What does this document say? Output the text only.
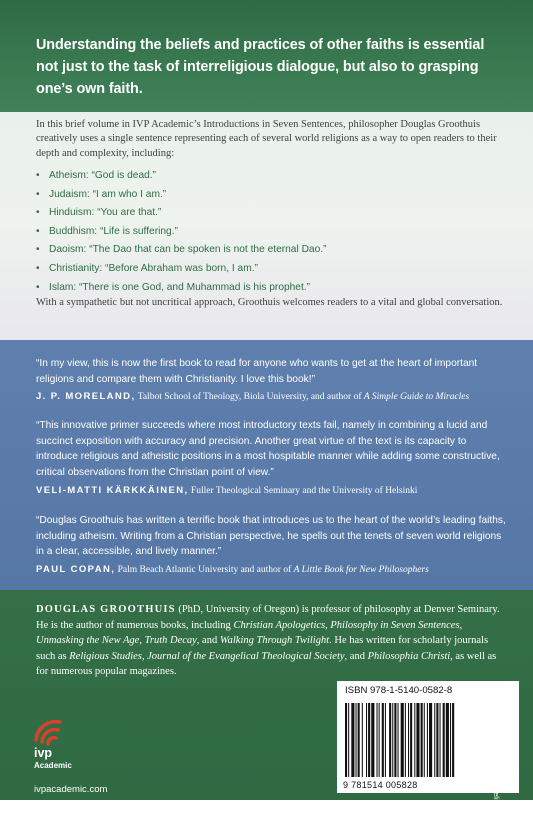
Understanding the beliefs and practices of other faiths is essential not just to the task of interreligious dialogue, but also to grasping one’s own faith.
In this brief volume in IVP Academic’s Introductions in Seven Sentences, philosopher Douglas Groothuis creatively uses a single sentence representing each of several world religions as a way to open readers to their depth and complexity, including:
• Atheism: “God is dead.”
• Judaism: “I am who I am.”
• Hinduism: “You are that.”
• Buddhism: “Life is suffering.”
• Daoism: “The Dao that can be spoken is not the eternal Dao.”
• Christianity: “Before Abraham was born, I am.”
• Islam: “There is one God, and Muhammad is his prophet.”
With a sympathetic but not uncritical approach, Groothuis welcomes readers to a vital and global conversation.
“In my view, this is now the first book to read for anyone who wants to get at the heart of important religions and compare them with Christianity. I love this book!”
J. P. MORELAND, Talbot School of Theology, Biola University, and author of A Simple Guide to Miracles
“This innovative primer succeeds where most introductory texts fail, namely in combining a lucid and succinct exposition with accuracy and precision. Another great virtue of the text is its capacity to introduce religious and atheistic positions in a most hospitable manner while adding some constructive, critical observations from the Christian point of view.”
VELI-MATTI KÄRKKÄINEN, Fuller Theological Seminary and the University of Helsinki
“Douglas Groothuis has written a terrific book that introduces us to the heart of the world’s leading faiths, including atheism. Writing from a Christian perspective, he spells out the tenets of seven world religions in a clear, accessible, and lively manner.”
PAUL COPAN, Palm Beach Atlantic University and author of A Little Book for New Philosophers
DOUGLAS GROOTHUIS (PhD, University of Oregon) is professor of philosophy at Denver Seminary. He is the author of numerous books, including Christian Apologetics, Philosophy in Seven Sentences, Unmasking the New Age, Truth Decay, and Walking Through Twilight. He has written for scholarly journals such as Religious Studies, Journal of the Evangelical Theological Society, and Philosophia Christi, as well as for numerous popular magazines.
ivp
Academic
ivpacademic.com
ISBN 978-1-5140-0582-8
9 781514 005828	RELIGION / Comparative Religion
